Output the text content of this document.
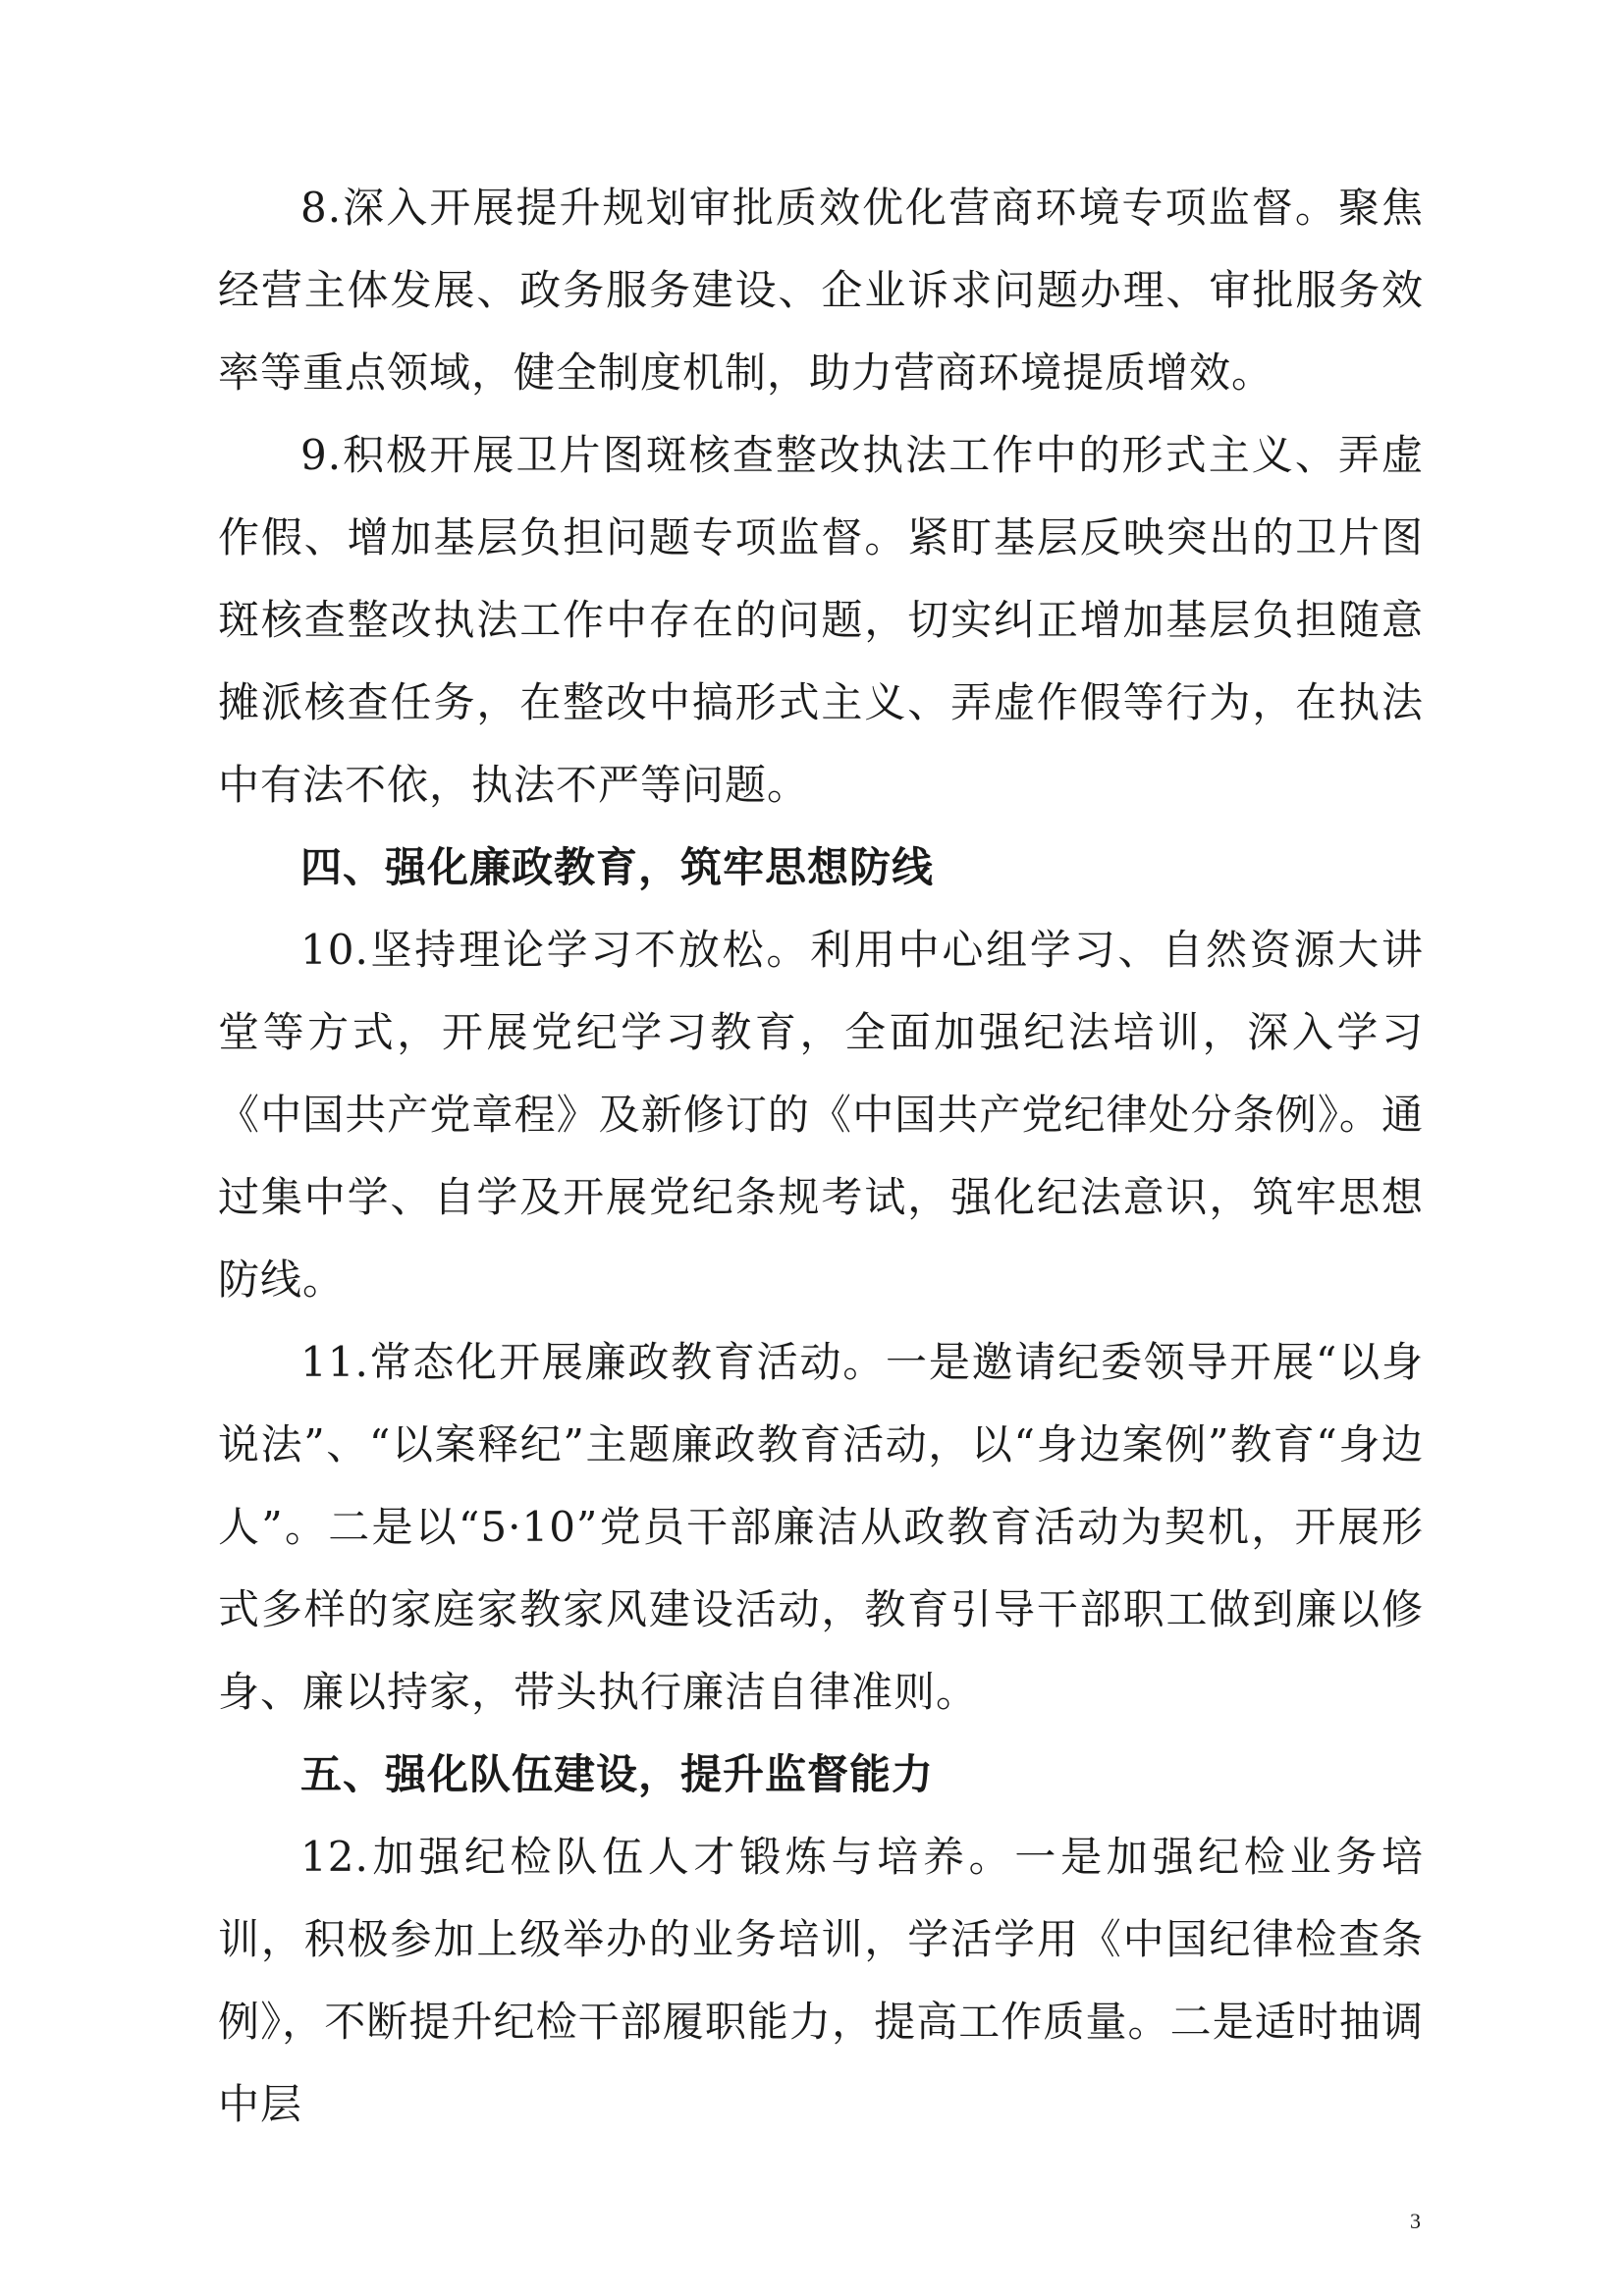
8.深入开展提升规划审批质效优化营商环境专项监督。聚焦经营主体发展、政务服务建设、企业诉求问题办理、审批服务效率等重点领域，健全制度机制，助力营商环境提质增效。

9.积极开展卫片图斑核查整改执法工作中的形式主义、弄虚作假、增加基层负担问题专项监督。紧盯基层反映突出的卫片图斑核查整改执法工作中存在的问题，切实纠正增加基层负担随意摊派核查任务，在整改中搞形式主义、弄虚作假等行为，在执法中有法不依，执法不严等问题。

四、强化廉政教育，筑牢思想防线

10.坚持理论学习不放松。利用中心组学习、自然资源大讲堂等方式，开展党纪学习教育，全面加强纪法培训，深入学习《中国共产党章程》及新修订的《中国共产党纪律处分条例》。通过集中学、自学及开展党纪条规考试，强化纪法意识，筑牢思想防线。

11.常态化开展廉政教育活动。一是邀请纪委领导开展“以身说法”、“以案释纪”主题廉政教育活动，以“身边案例”教育“身边人”。二是以“5·10”党员干部廉洁从政教育活动为契机，开展形式多样的家庭家教家风建设活动，教育引导干部职工做到廉以修身、廉以持家，带头执行廉洁自律准则。

五、强化队伍建设，提升监督能力

12.加强纪检队伍人才锻炼与培养。一是加强纪检业务培训，积极参加上级举办的业务培训，学活学用《中国纪律检查条例》，不断提升纪检干部履职能力，提高工作质量。二是适时抽调中层

3
